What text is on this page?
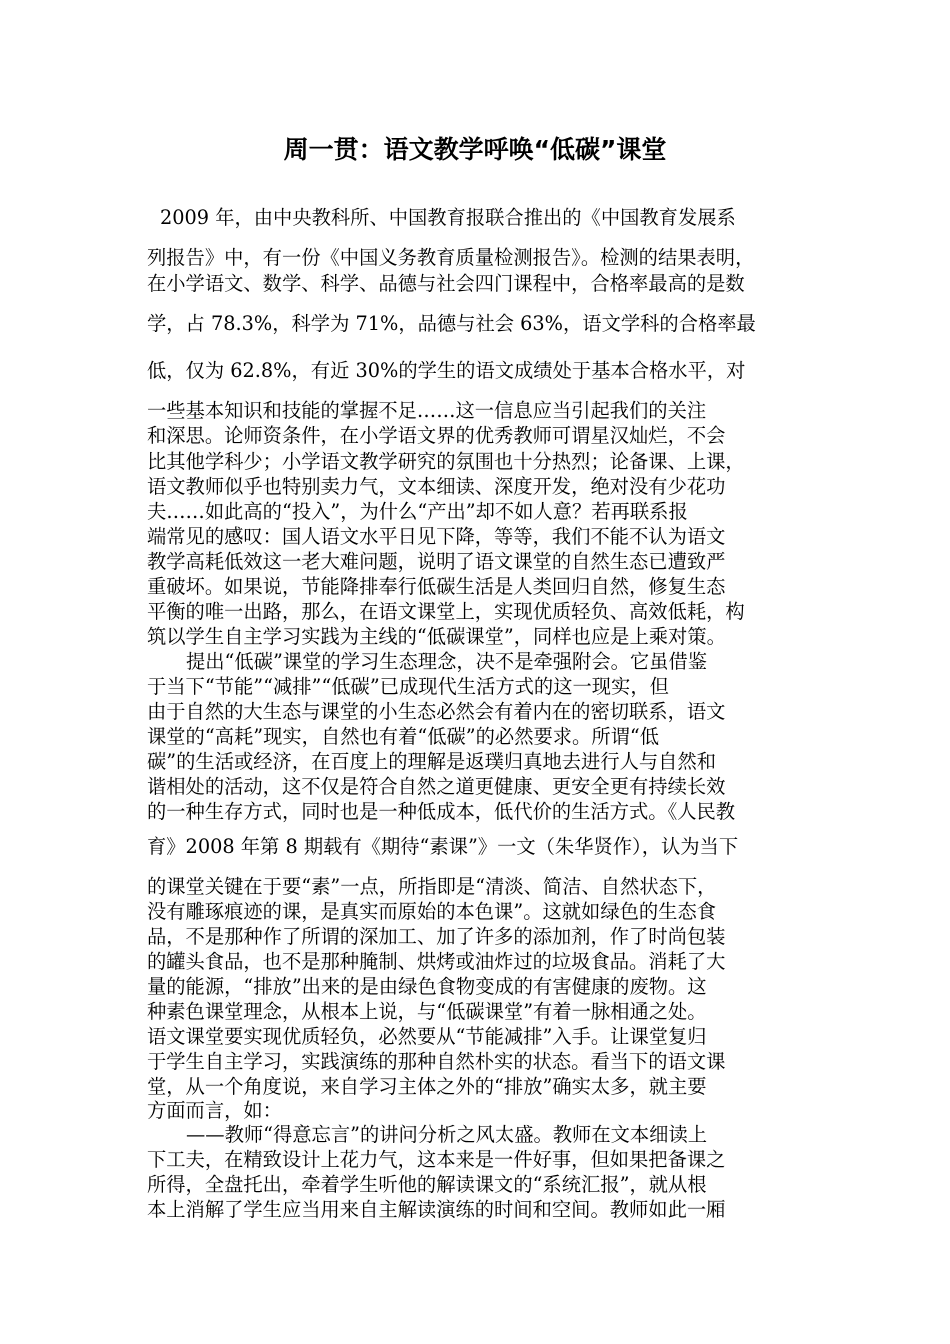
周一贯：语文教学呼唤“低碳”课堂

2009 年，由中央教科所、中国教育报联合推出的《中国教育发展系

列报告》中，有一份《中国义务教育质量检测报告》。检测的结果表明，

在小学语文、数学、科学、品德与社会四门课程中，合格率最高的是数

学，占 78.3%，科学为 71%，品德与社会 63%，语文学科的合格率最

低，仅为 62.8%，有近 30%的学生的语文成绩处于基本合格水平，对

一些基本知识和技能的掌握不足……这一信息应当引起我们的关注

和深思。论师资条件，在小学语文界的优秀教师可谓星汉灿烂，不会

比其他学科少；小学语文教学研究的氛围也十分热烈；论备课、上课，

语文教师似乎也特别卖力气，文本细读、深度开发，绝对没有少花功

夫……如此高的“投入”，为什么“产出”却不如人意？若再联系报

端常见的感叹：国人语文水平日见下降，等等，我们不能不认为语文

教学高耗低效这一老大难问题，说明了语文课堂的自然生态已遭致严

重破坏。如果说，节能降排奉行低碳生活是人类回归自然，修复生态

平衡的唯一出路，那么，在语文课堂上，实现优质轻负、高效低耗，构

筑以学生自主学习实践为主线的“低碳课堂”，同样也应是上乘对策。

提出“低碳”课堂的学习生态理念，决不是牵强附会。它虽借鉴

于当下“节能”“减排”“低碳”已成现代生活方式的这一现实，但

由于自然的大生态与课堂的小生态必然会有着内在的密切联系，语文

课堂的“高耗”现实，自然也有着“低碳”的必然要求。所谓“低

碳”的生活或经济，在百度上的理解是返璞归真地去进行人与自然和

谐相处的活动，这不仅是符合自然之道更健康、更安全更有持续长效

的一种生存方式，同时也是一种低成本，低代价的生活方式。《人民教

育》2008 年第 8 期载有《期待“素课”》一文（朱华贤作），认为当下

的课堂关键在于要“素”一点，所指即是“清淡、简洁、自然状态下，

没有雕琢痕迹的课，是真实而原始的本色课”。这就如绿色的生态食

品，不是那种作了所谓的深加工、加了许多的添加剂，作了时尚包装

的罐头食品，也不是那种腌制、烘烤或油炸过的垃圾食品。消耗了大

量的能源，“排放”出来的是由绿色食物变成的有害健康的废物。这

种素色课堂理念，从根本上说，与“低碳课堂”有着一脉相通之处。

语文课堂要实现优质轻负，必然要从“节能减排”入手。让课堂复归

于学生自主学习，实践演练的那种自然朴实的状态。看当下的语文课

堂，从一个角度说，来自学习主体之外的“排放”确实太多，就主要

方面而言，如：

——教师“得意忘言”的讲问分析之风太盛。教师在文本细读上

下工夫，在精致设计上花力气，这本来是一件好事，但如果把备课之

所得，全盘托出，牵着学生听他的解读课文的“系统汇报”，就从根

本上消解了学生应当用来自主解读演练的时间和空间。教师如此一厢
